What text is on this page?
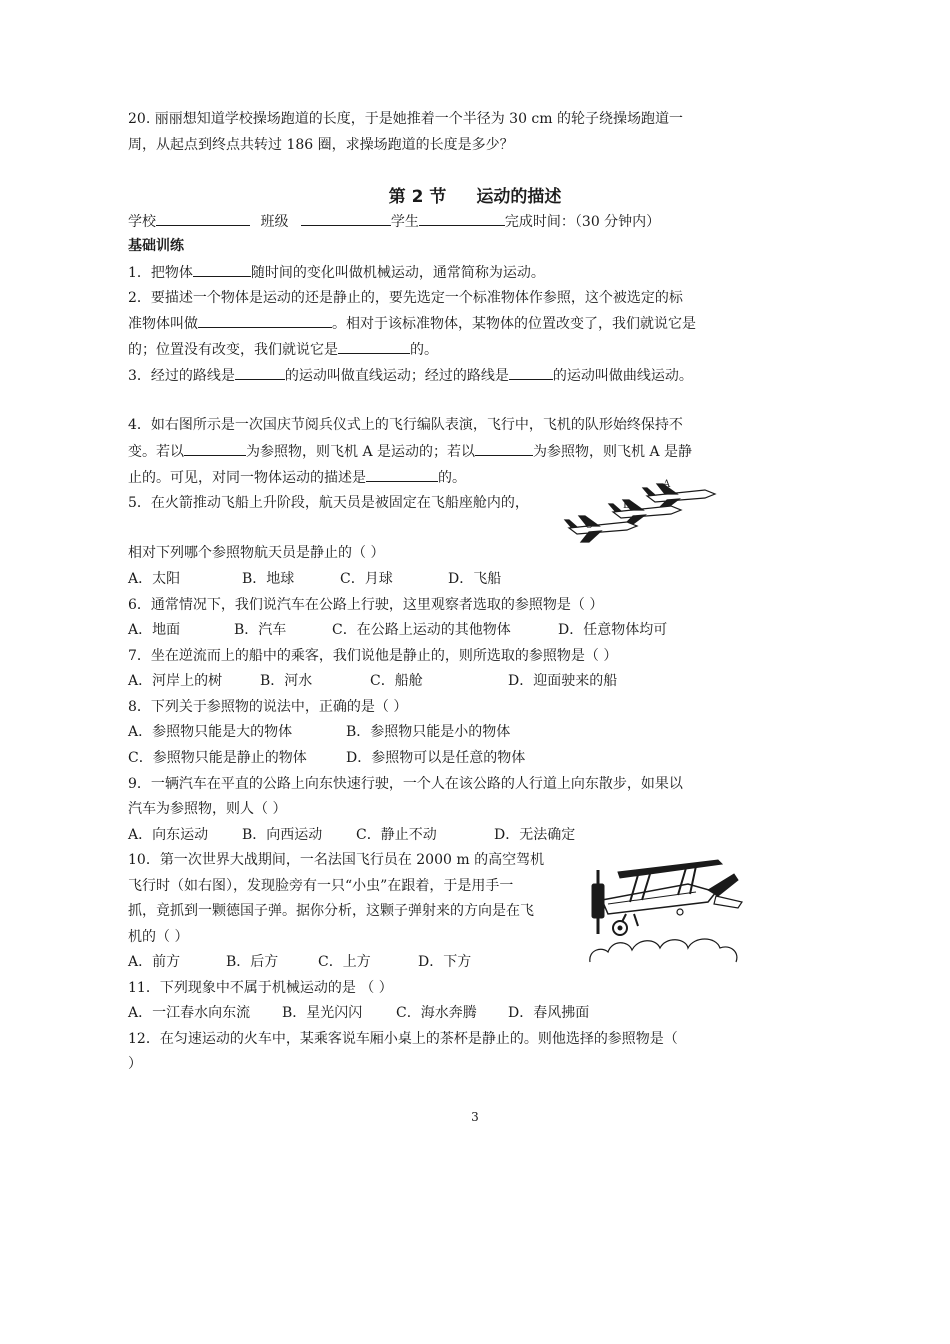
20. 丽丽想知道学校操场跑道的长度，于是她推着一个半径为 30 cm 的轮子绕操场跑道一
周，从起点到终点共转过 186 圈，求操场跑道的长度是多少？
第 2 节 运动的描述
学校	班级	学生	完成时间：（30 分钟内）
基础训练
1．把物体	随时间的变化叫做机械运动，通常简称为运动。
2．要描述一个物体是运动的还是静止的，要先选定一个标准物体作参照，这个被选定的标
准物体叫做	。相对于该标准物体，某物体的位置改变了，我们就说它是
的；位置没有改变，我们就说它是	的。
3．经过的路线是	的运动叫做直线运动；经过的路线是	的运动叫做曲线运动。
4．如右图所示是一次国庆节阅兵仪式上的飞行编队表演，飞行中，飞机的队形始终保持不
变。若以	为参照物，则飞机 A 是运动的；若以	为参照物，则飞机 A 是静
止的。可见，对同一物体运动的描述是	的。
5．在火箭推动飞船上升阶段，航天员是被固定在飞船座舱内的，
相对下列哪个参照物航天员是静止的（ ）
A．太阳	B．地球	C．月球	D．飞船
A
B
C
6．通常情况下，我们说汽车在公路上行驶，这里观察者选取的参照物是（ ）
A．地面	B．汽车	C．在公路上运动的其他物体	D．任意物体均可
7．坐在逆流而上的船中的乘客，我们说他是静止的，则所选取的参照物是（ ）
A．河岸上的树	B．河水	C．船舱	D．迎面驶来的船
8．下列关于参照物的说法中，正确的是（ ）
A．参照物只能是大的物体	B．参照物只能是小的物体
C．参照物只能是静止的物体	D．参照物可以是任意的物体
9．一辆汽车在平直的公路上向东快速行驶，一个人在该公路的人行道上向东散步，如果以
汽车为参照物，则人（ ）
A．向东运动 B．向西运动 C．静止不动	D．无法确定
10．第一次世界大战期间，一名法国飞行员在 2000 m 的高空驾机
飞行时（如右图），发现脸旁有一只“小虫”在跟着，于是用手一
抓，竟抓到一颗德国子弹。据你分析，这颗子弹射来的方向是在飞
机的（ ）
A．前方	B．后方	C．上方	D．下方
11．下列现象中不属于机械运动的是 （ ）
A．一江春水向东流 B．星光闪闪 C．海水奔腾 D．春风拂面
12．在匀速运动的火车中，某乘客说车厢小桌上的茶杯是静止的。则他选择的参照物是（
）
3
